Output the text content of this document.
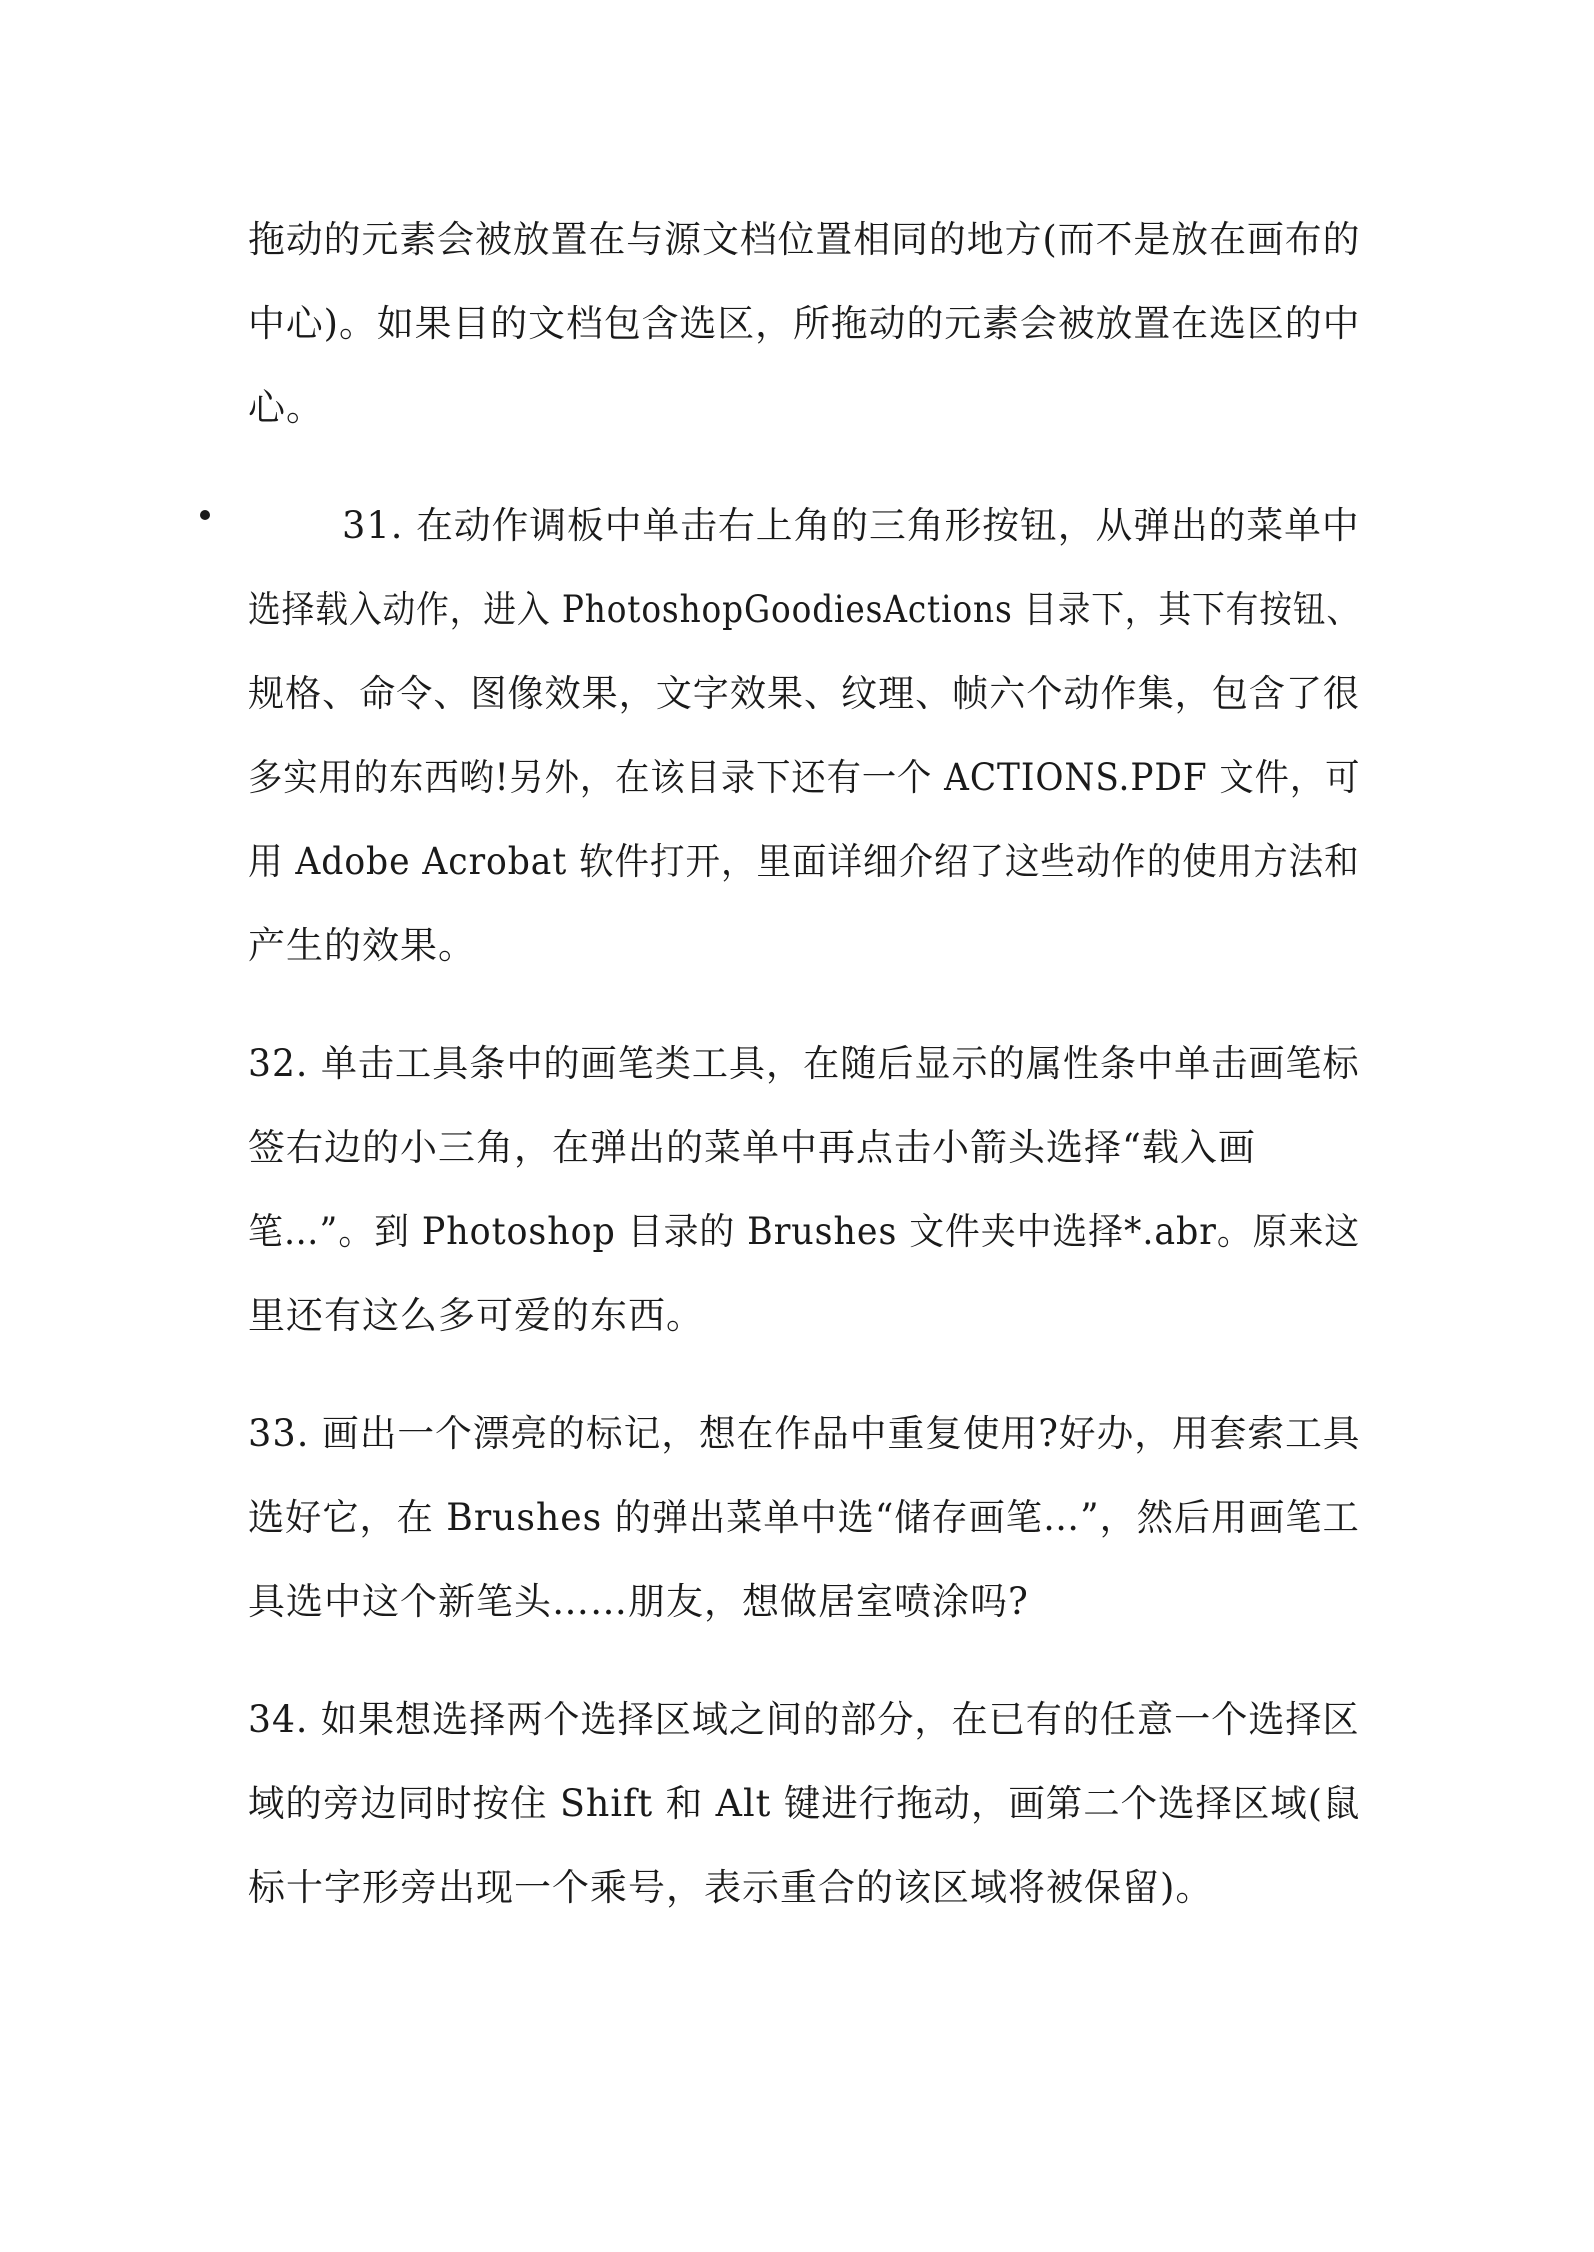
拖动的元素会被放置在与源文档位置相同的地方(而不是放在画布的
中心)。如果目的文档包含选区，所拖动的元素会被放置在选区的中
心。
31. 在动作调板中单击右上角的三角形按钮，从弹出的菜单中
选择载入动作，进入 PhotoshopGoodiesActions 目录下，其下有按钮、
规格、命令、图像效果，文字效果、纹理、帧六个动作集，包含了很
多实用的东西哟!另外，在该目录下还有一个 ACTIONS.PDF 文件，可
用 Adobe Acrobat 软件打开，里面详细介绍了这些动作的使用方法和
产生的效果。
32. 单击工具条中的画笔类工具，在随后显示的属性条中单击画笔标
签右边的小三角，在弹出的菜单中再点击小箭头选择“载入画
笔…”。到 Photoshop 目录的 Brushes 文件夹中选择*.abr。原来这
里还有这么多可爱的东西。
33. 画出一个漂亮的标记，想在作品中重复使用?好办，用套索工具
选好它，在 Brushes 的弹出菜单中选“储存画笔…”，然后用画笔工
具选中这个新笔头……朋友，想做居室喷涂吗?
34. 如果想选择两个选择区域之间的部分，在已有的任意一个选择区
域的旁边同时按住 Shift 和 Alt 键进行拖动，画第二个选择区域(鼠
标十字形旁出现一个乘号，表示重合的该区域将被保留)。
